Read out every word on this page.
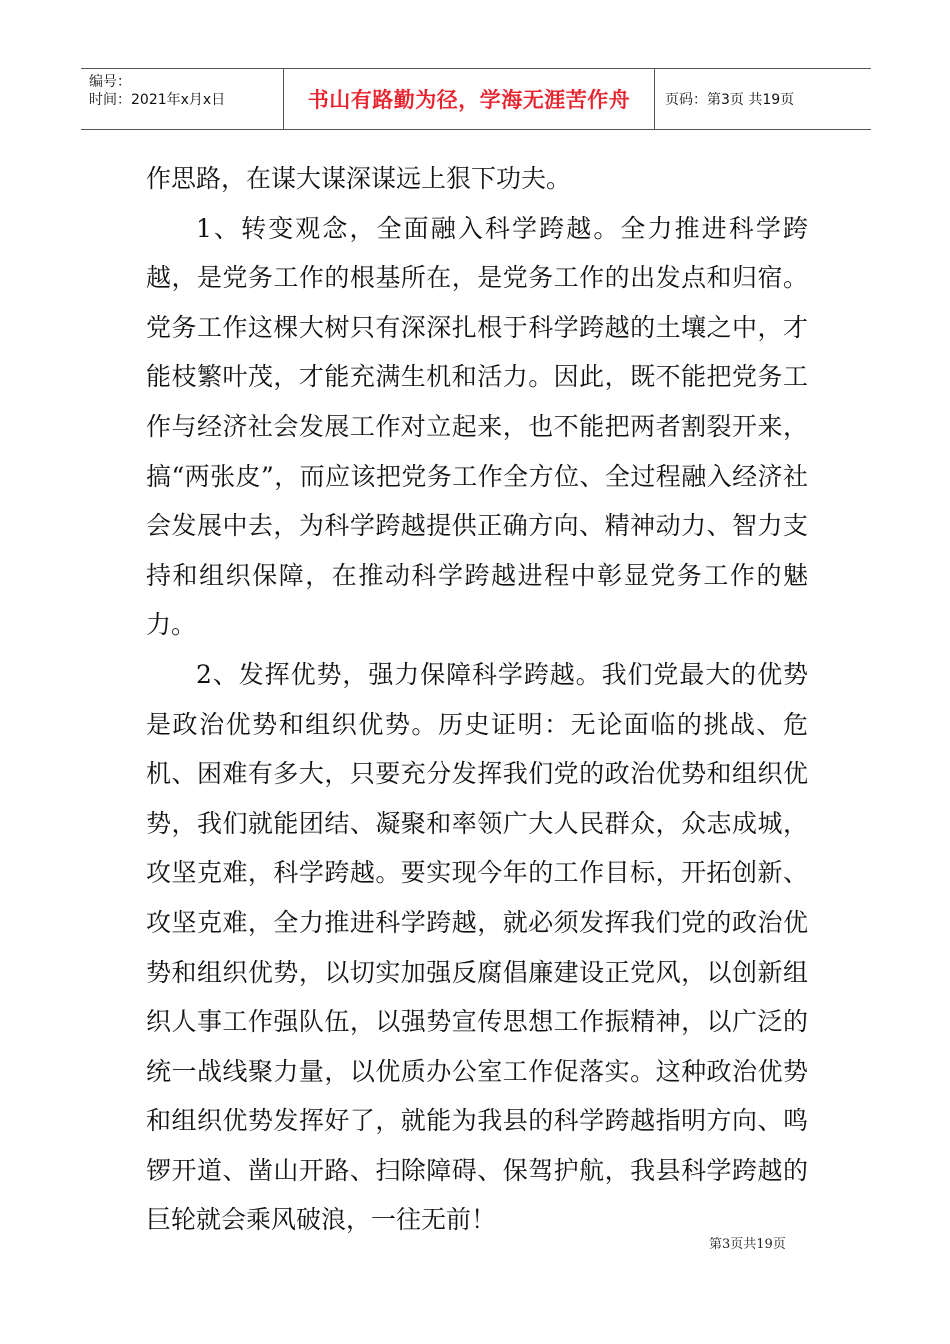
编号：
时间：2021年x月x日	书山有路勤为径，学海无涯苦作舟	页码：第3页 共19页

作思路，在谋大谋深谋远上狠下功夫。

1、转变观念，全面融入科学跨越。全力推进科学跨越，是党务工作的根基所在，是党务工作的出发点和归宿。党务工作这棵大树只有深深扎根于科学跨越的土壤之中，才能枝繁叶茂，才能充满生机和活力。因此，既不能把党务工作与经济社会发展工作对立起来，也不能把两者割裂开来，搞“两张皮”，而应该把党务工作全方位、全过程融入经济社会发展中去，为科学跨越提供正确方向、精神动力、智力支持和组织保障，在推动科学跨越进程中彰显党务工作的魅力。

2、发挥优势，强力保障科学跨越。我们党最大的优势是政治优势和组织优势。历史证明：无论面临的挑战、危机、困难有多大，只要充分发挥我们党的政治优势和组织优势，我们就能团结、凝聚和率领广大人民群众，众志成城，攻坚克难，科学跨越。要实现今年的工作目标，开拓创新、攻坚克难，全力推进科学跨越，就必须发挥我们党的政治优势和组织优势，以切实加强反腐倡廉建设正党风，以创新组织人事工作强队伍，以强势宣传思想工作振精神，以广泛的统一战线聚力量，以优质办公室工作促落实。这种政治优势和组织优势发挥好了，就能为我县的科学跨越指明方向、鸣锣开道、凿山开路、扫除障碍、保驾护航，我县科学跨越的巨轮就会乘风破浪，一往无前！

第3页共19页
